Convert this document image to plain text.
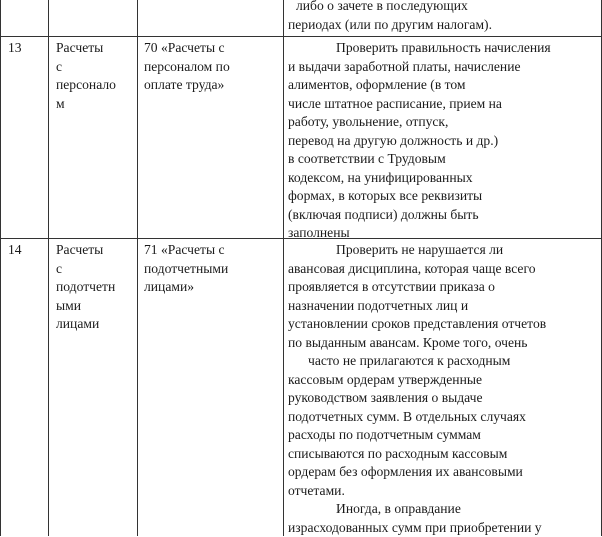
либо о зачете в последующих
периодах (или по другим налогам).
13	Расчеты
с
персонало
м
70 «Расчеты с
персоналом по
оплате труда»
Проверить правильность начисления
и выдачи заработной платы, начисление
алиментов, оформление (в том
числе штатное расписание, прием на
работу, увольнение, отпуск,
перевод на другую должность и др.)
в соответствии с Трудовым
кодексом, на унифицированных
формах, в которых все реквизиты
(включая подписи) должны быть
заполнены
14	Расчеты
с
подотчетн
ыми
лицами
71 «Расчеты с
подотчетными
лицами»
Проверить не нарушается ли
авансовая дисциплина, которая чаще всего
проявляется в отсутствии приказа о
назначении подотчетных лиц и
установлении сроков представления отчетов
по выданным авансам. Кроме того, очень
часто не прилагаются к расходным
кассовым ордерам утвержденные
руководством заявления о выдаче
подотчетных сумм. В отдельных случаях
расходы по подотчетным суммам
списываются по расходным кассовым
ордерам без оформления их авансовыми
отчетами.
Иногда, в оправдание
израсходованных сумм при приобретении у
